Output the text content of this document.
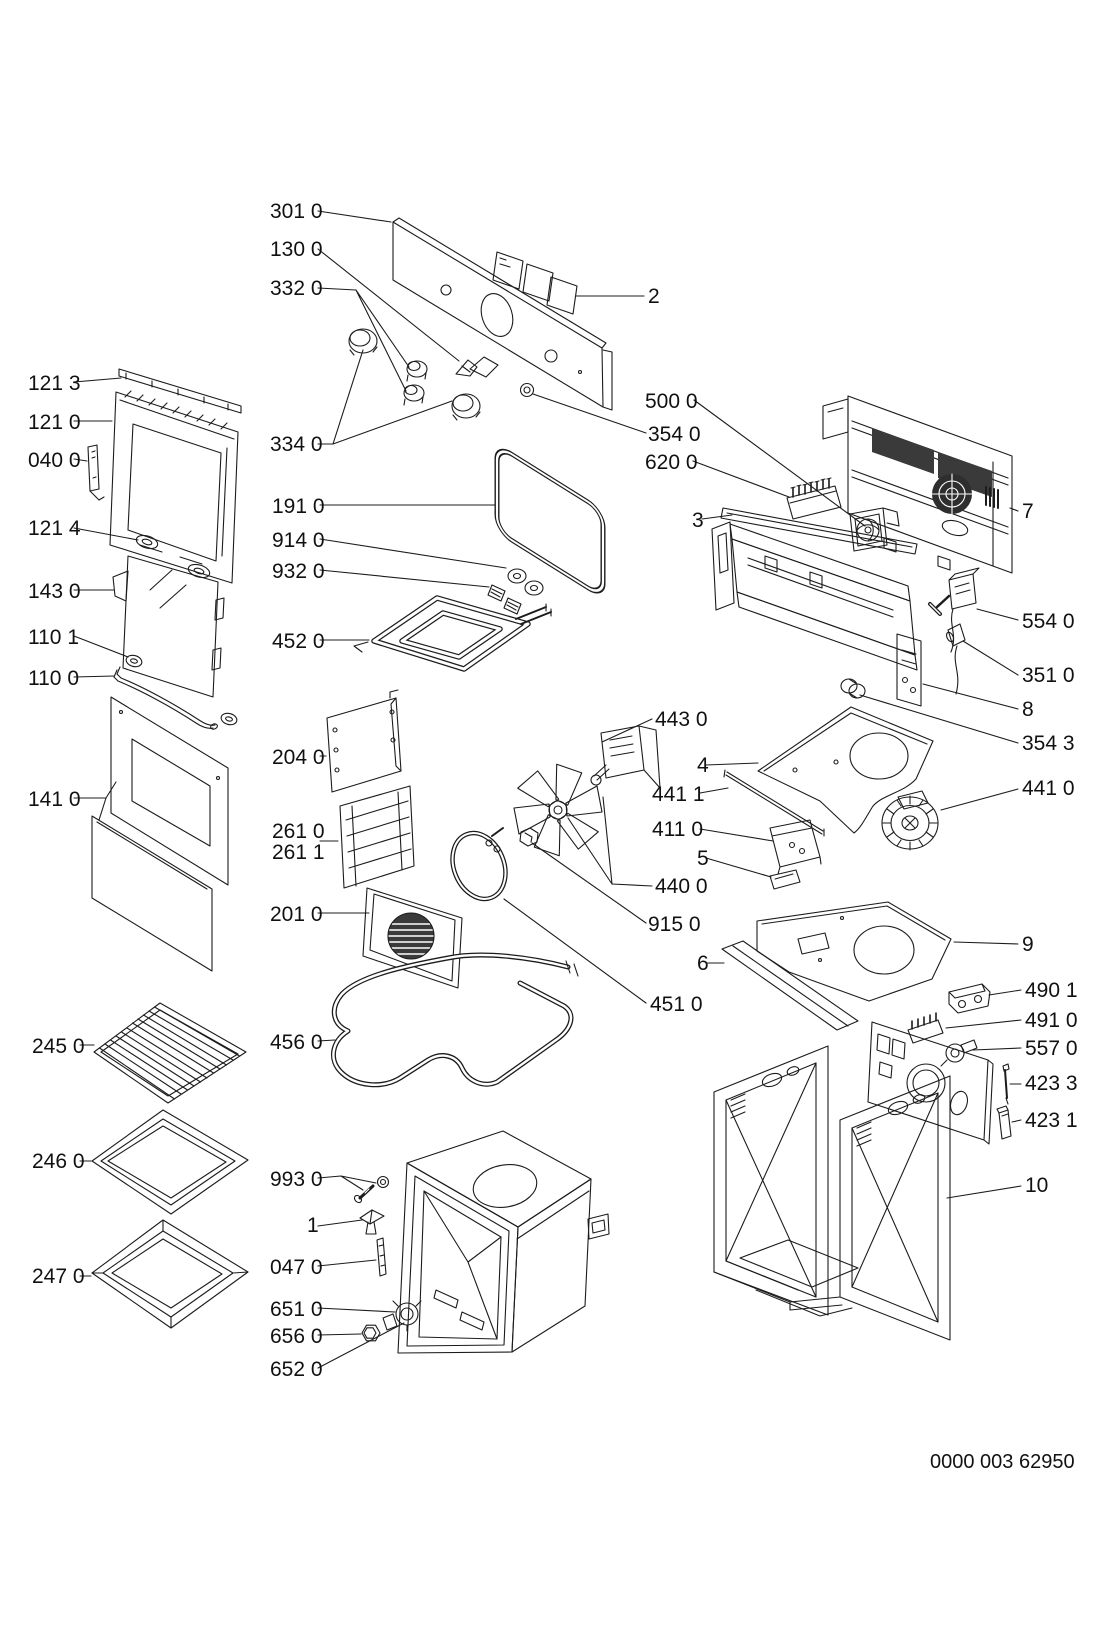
121 3
121 0
040 0
121 4
143 0
110 1
110 0
141 0
245 0
246 0
247 0
301 0
130 0
332 0
334 0
191 0
914 0
932 0
452 0
204 0
261 0
261 1
201 0
456 0
993 0
1
047 0
651 0
656 0
652 0
2
500 0
354 0
620 0
3
443 0
4
441 1
411 0
5
440 0
915 0
6
451 0
7
554 0
351 0
8
354 3
441 0
9
490 1
491 0
557 0
423 3
423 1
10
0000 003 62950
